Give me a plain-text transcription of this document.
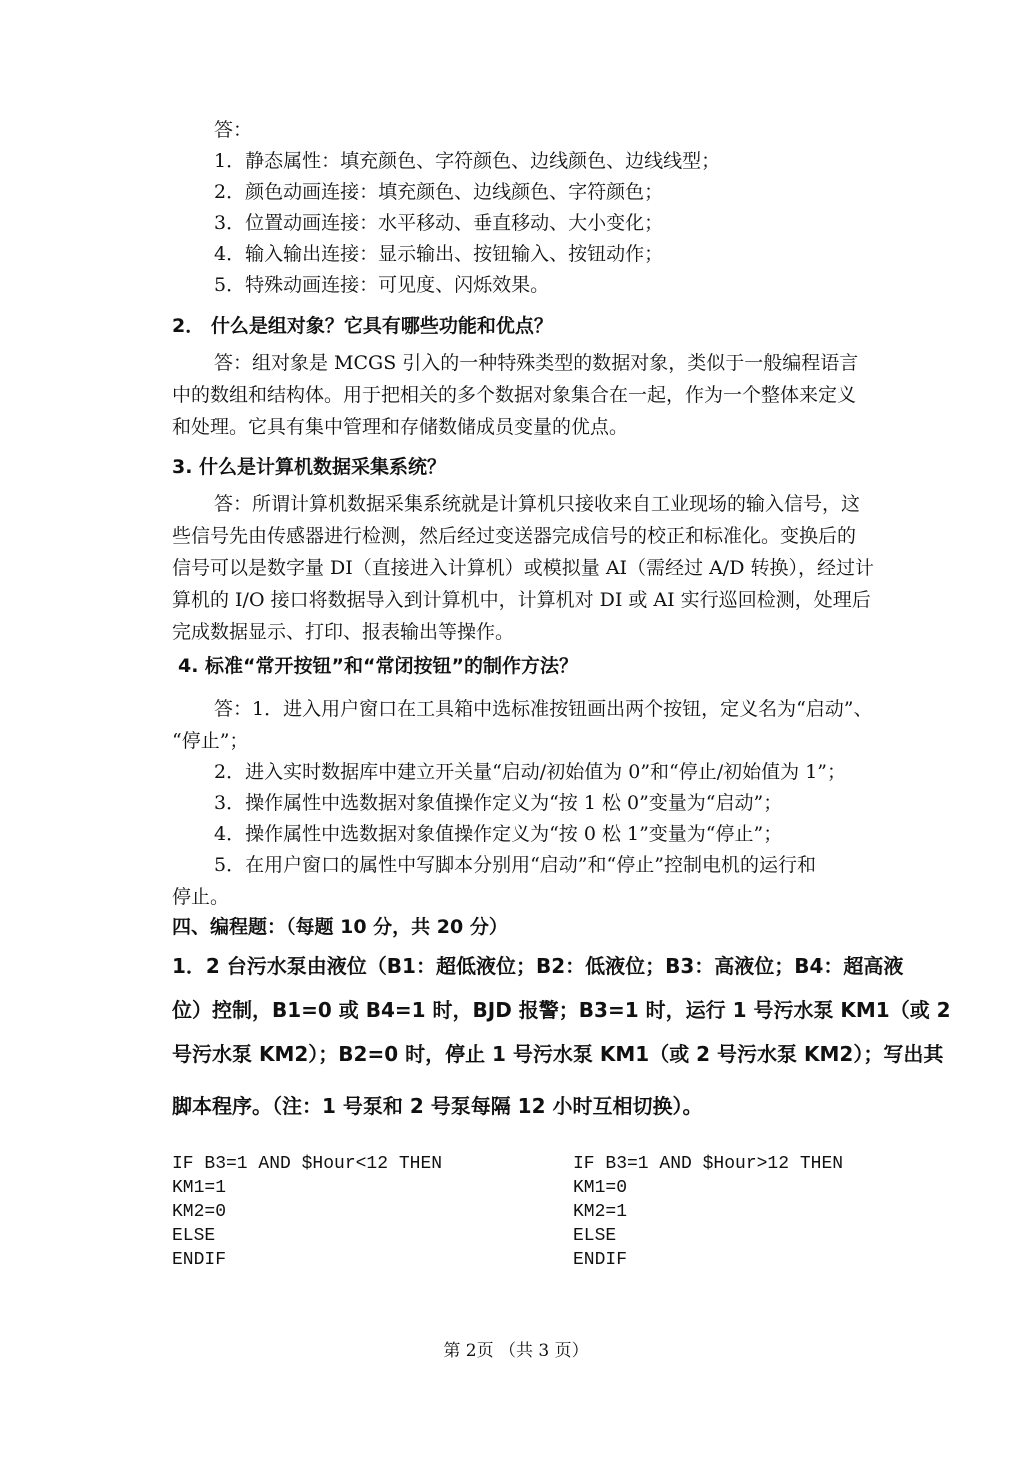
答：
1．静态属性：填充颜色、字符颜色、边线颜色、边线线型；
2．颜色动画连接：填充颜色、边线颜色、字符颜色；
3．位置动画连接：水平移动、垂直移动、大小变化；
4．输入输出连接：显示输出、按钮输入、按钮动作；
5．特殊动画连接：可见度、闪烁效果。
2． 什么是组对象？它具有哪些功能和优点？
答：组对象是 MCGS 引入的一种特殊类型的数据对象，类似于一般编程语言
中的数组和结构体。用于把相关的多个数据对象集合在一起，作为一个整体来定义
和处理。它具有集中管理和存储数储成员变量的优点。
3. 什么是计算机数据采集系统？
答：所谓计算机数据采集系统就是计算机只接收来自工业现场的输入信号，这
些信号先由传感器进行检测，然后经过变送器完成信号的校正和标准化。变换后的
信号可以是数字量 DI（直接进入计算机）或模拟量 AI（需经过 A/D 转换），经过计
算机的 I/O 接口将数据导入到计算机中，计算机对 DI 或 AI 实行巡回检测，处理后
完成数据显示、打印、报表输出等操作。
4. 标准“常开按钮”和“常闭按钮”的制作方法？
答：1．进入用户窗口在工具箱中选标准按钮画出两个按钮，定义名为“启动”、
“停止”；
2．进入实时数据库中建立开关量“启动/初始值为 0”和“停止/初始值为 1”；
3．操作属性中选数据对象值操作定义为“按 1 松 0”变量为“启动”；
4．操作属性中选数据对象值操作定义为“按 0 松 1”变量为“停止”；
5．在用户窗口的属性中写脚本分别用“启动”和“停止”控制电机的运行和
停止。
四、编程题：（每题 10 分，共 20 分）
1．2 台污水泵由液位（B1：超低液位；B2：低液位；B3：高液位；B4：超高液
位）控制，B1=0 或 B4=1 时，BJD 报警；B3=1 时，运行 1 号污水泵 KM1（或 2
号污水泵 KM2）；B2=0 时，停止 1 号污水泵 KM1（或 2 号污水泵 KM2）；写出其
脚本程序。（注：1 号泵和 2 号泵每隔 12 小时互相切换）。
IF B3=1 AND $Hour<12 THEN
KM1=1
KM2=0
ELSE
ENDIF
IF B3=1 AND $Hour>12 THEN
KM1=0
KM2=1
ELSE
ENDIF
第 2页 （共 3 页）
